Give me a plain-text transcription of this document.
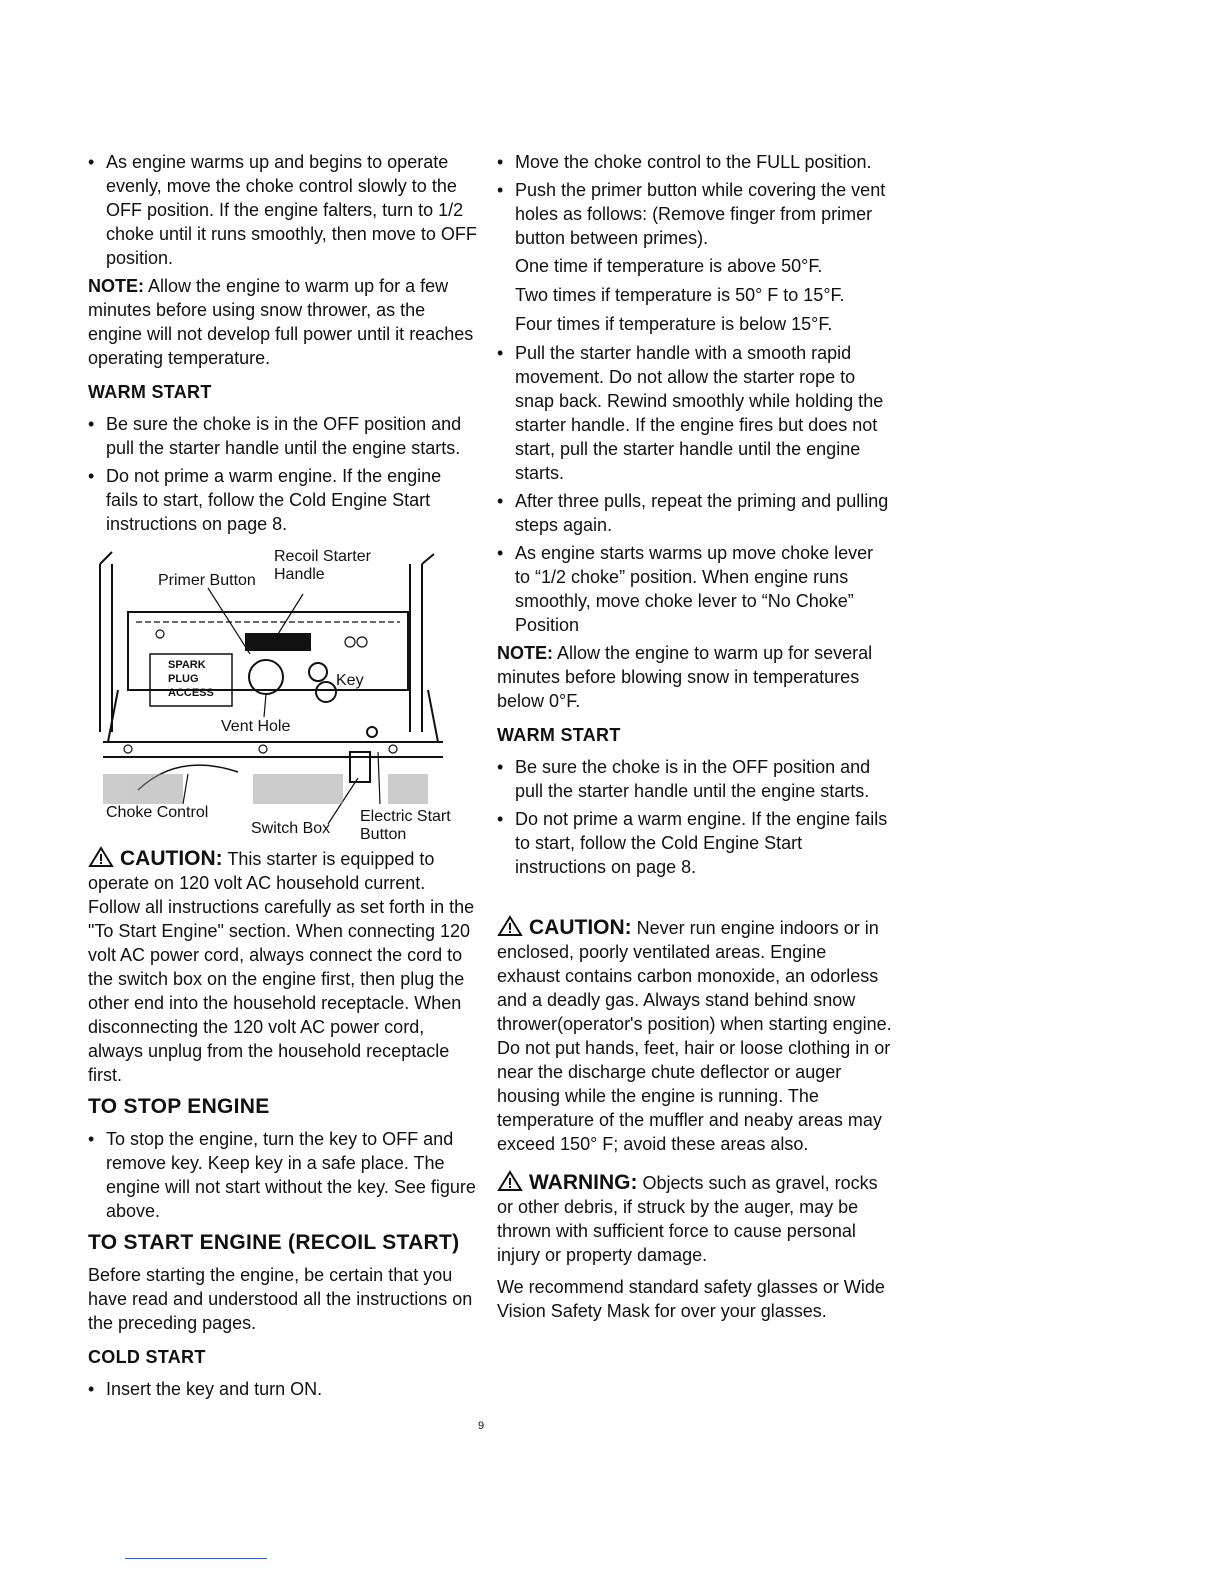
• As engine warms up and begins to operate evenly, move the choke control slowly to the OFF position. If the engine falters, turn to 1/2 choke until it runs smoothly, then move to OFF position.
NOTE: Allow the engine to warm up for a few minutes before using snow thrower, as the engine will not develop full power until it reaches operating temperature.
WARM START
• Be sure the choke is in the OFF position and pull the starter handle until the engine starts.
• Do not prime a warm engine. If the engine fails to start, follow the Cold Engine Start instructions on page 8.
Recoil Starter
Handle
Primer Button
SPARK
PLUG
ACCESS
Key
Vent Hole
Choke Control
Switch Box
Electric Start
Button
CAUTION: This starter is equipped to operate on 120 volt AC household current. Follow all instructions carefully as set forth in the "To Start Engine" section. When connecting 120 volt AC power cord, always connect the cord to the switch box on the engine first, then plug the other end into the household receptacle. When disconnecting the 120 volt AC power cord, always unplug from the household receptacle first.
TO STOP ENGINE
• To stop the engine, turn the key to OFF and remove key. Keep key in a safe place. The engine will not start without the key. See figure above.
TO START ENGINE (RECOIL START)
Before starting the engine, be certain that you have read and understood all the instructions on the preceding pages.
COLD START
• Insert the key and turn ON.
• Move the choke control to the FULL position.
• Push the primer button while covering the vent holes as follows: (Remove finger from primer button between primes).
One time if temperature is above 50°F.
Two times if temperature is 50° F to 15°F.
Four times if temperature is below 15°F.
• Pull the starter handle with a smooth rapid movement. Do not allow the starter rope to snap back. Rewind smoothly while holding the starter handle. If the engine fires but does not start, pull the starter handle until the engine starts.
• After three pulls, repeat the priming and pulling steps again.
• As engine starts warms up move choke lever to “1/2 choke” position. When engine runs smoothly, move choke lever to “No Choke” Position
NOTE: Allow the engine to warm up for several minutes before blowing snow in temperatures below 0°F.
WARM START
• Be sure the choke is in the OFF position and pull the starter handle until the engine starts.
• Do not prime a warm engine. If the engine fails to start, follow the Cold Engine Start instructions on page 8.
CAUTION: Never run engine indoors or in enclosed, poorly ventilated areas. Engine exhaust contains carbon monoxide, an odorless and a deadly gas. Always stand behind snow thrower(operator's position) when starting engine. Do not put hands, feet, hair or loose clothing in or near the discharge chute deflector or auger housing while the engine is running. The temperature of the muffler and neaby areas may exceed 150° F; avoid these areas also.
WARNING: Objects such as gravel, rocks or other debris, if struck by the auger, may be thrown with sufficient force to cause personal injury or property damage.
We recommend standard safety glasses or Wide Vision Safety Mask for over your glasses.
9
